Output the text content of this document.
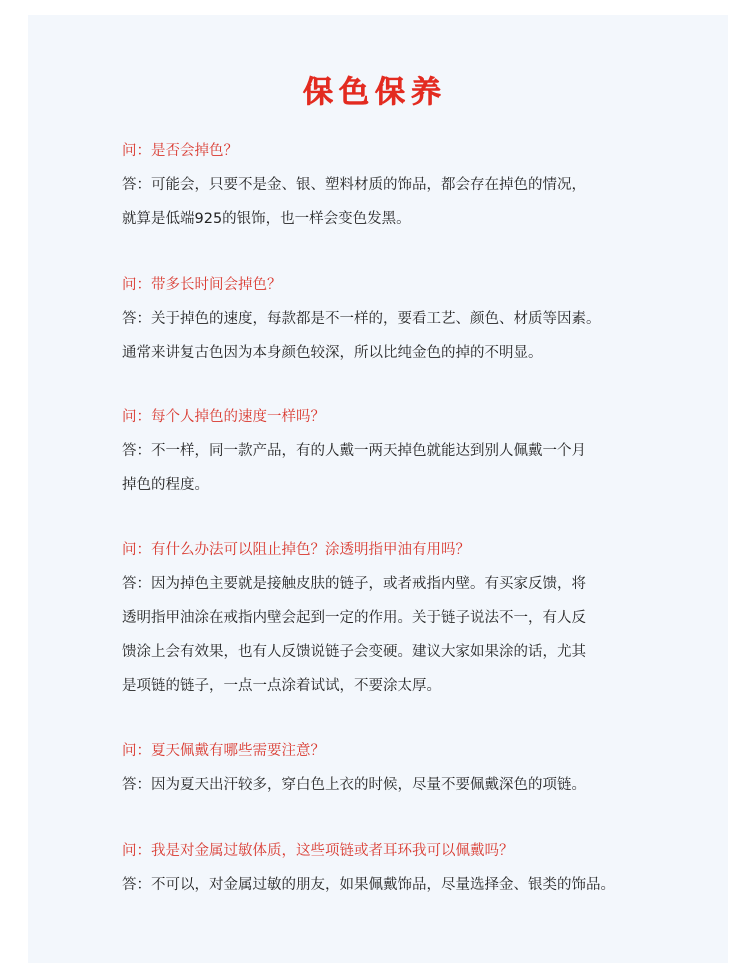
保色保养
问：是否会掉色？
答：可能会，只要不是金、银、塑料材质的饰品，都会存在掉色的情况，
就算是低端925的银饰，也一样会变色发黑。
问：带多长时间会掉色？
答：关于掉色的速度，每款都是不一样的，要看工艺、颜色、材质等因素。
通常来讲复古色因为本身颜色较深，所以比纯金色的掉的不明显。
问：每个人掉色的速度一样吗？
答：不一样，同一款产品，有的人戴一两天掉色就能达到别人佩戴一个月
掉色的程度。
问：有什么办法可以阻止掉色？涂透明指甲油有用吗？
答：因为掉色主要就是接触皮肤的链子，或者戒指内壁。有买家反馈，将
透明指甲油涂在戒指内壁会起到一定的作用。关于链子说法不一，有人反
馈涂上会有效果，也有人反馈说链子会变硬。建议大家如果涂的话，尤其
是项链的链子，一点一点涂着试试，不要涂太厚。
问：夏天佩戴有哪些需要注意？
答：因为夏天出汗较多，穿白色上衣的时候，尽量不要佩戴深色的项链。
问：我是对金属过敏体质，这些项链或者耳环我可以佩戴吗？
答：不可以，对金属过敏的朋友，如果佩戴饰品，尽量选择金、银类的饰品。
